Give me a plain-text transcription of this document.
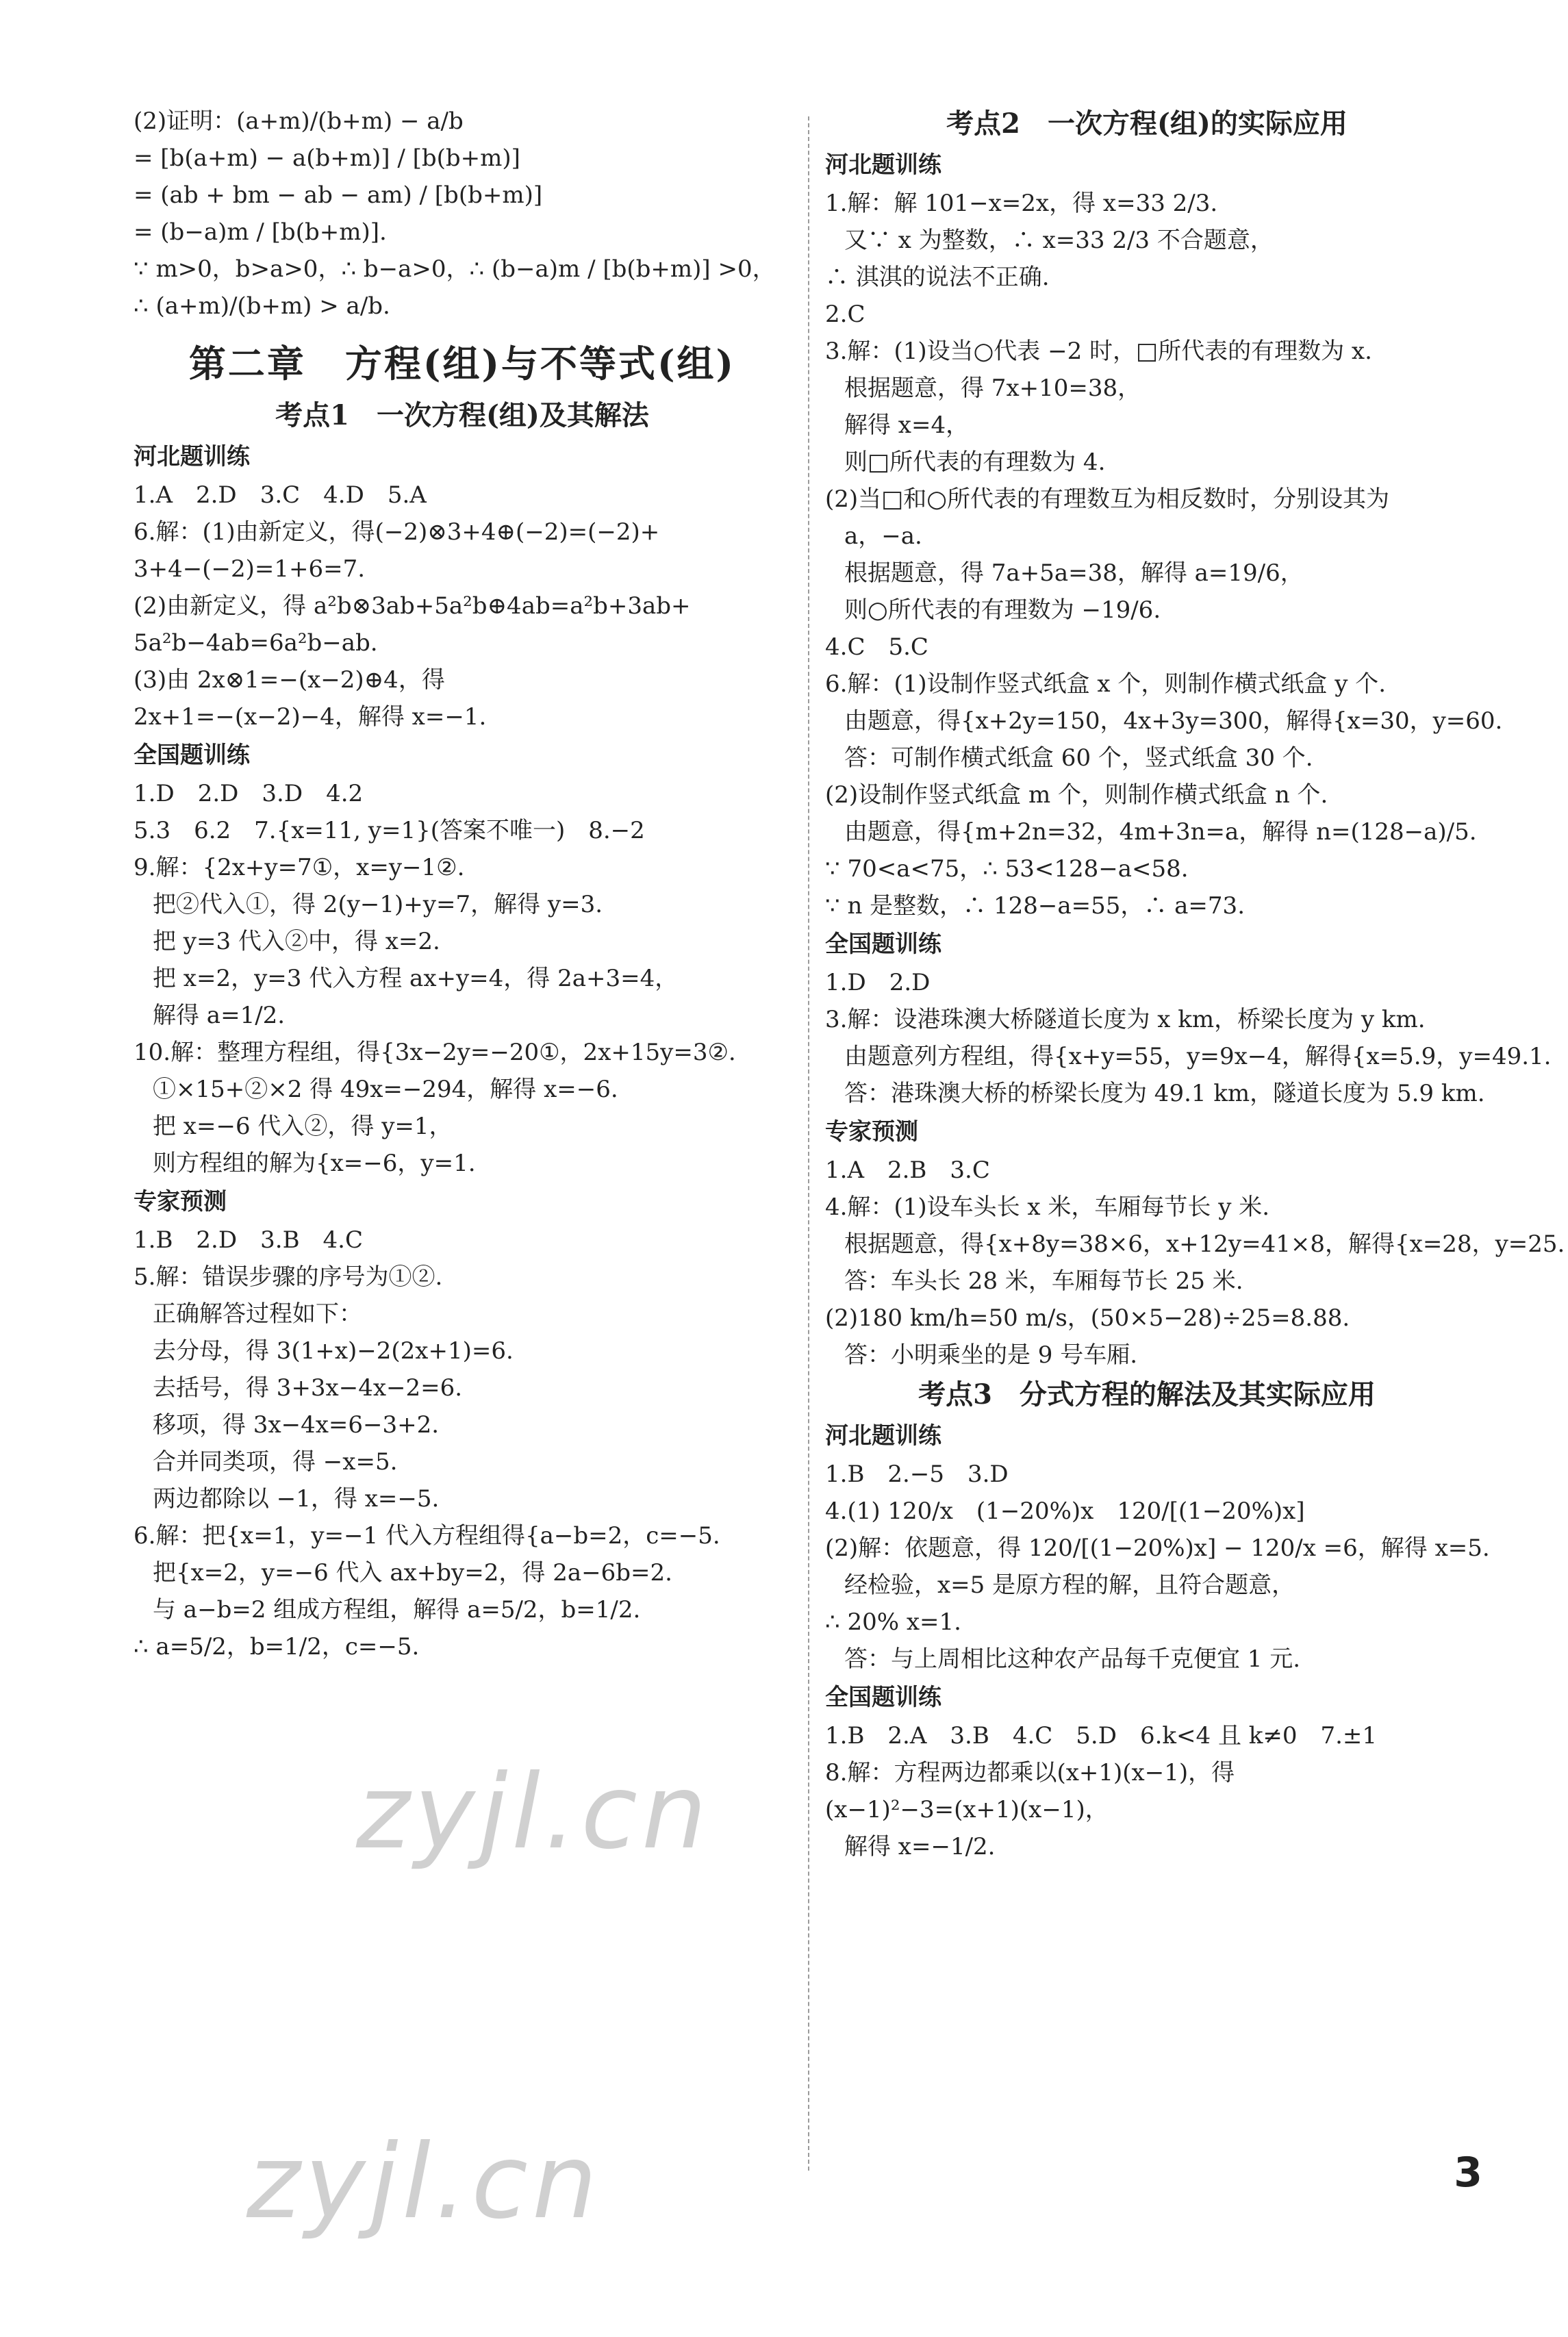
(2)证明：(a+m)/(b+m) − a/b
= [b(a+m) − a(b+m)] / [b(b+m)]
= (ab + bm − ab − am) / [b(b+m)]
= (b−a)m / [b(b+m)].
∵ m>0，b>a>0，∴ b−a>0，∴ (b−a)m / [b(b+m)] >0，
∴ (a+m)/(b+m) > a/b.
第二章　方程(组)与不等式(组)
考点1　一次方程(组)及其解法
河北题训练
1.A　2.D　3.C　4.D　5.A
6.解：(1)由新定义，得(−2)⊗3+4⊕(−2)=(−2)+
3+4−(−2)=1+6=7.
(2)由新定义，得 a²b⊗3ab+5a²b⊕4ab=a²b+3ab+
5a²b−4ab=6a²b−ab.
(3)由 2x⊗1=−(x−2)⊕4，得
2x+1=−(x−2)−4，解得 x=−1.
全国题训练
1.D　2.D　3.D　4.2
5.3　6.2　7.{x=11, y=1}(答案不唯一)　8.−2
9.解：{2x+y=7①，x=y−1②.
把②代入①，得 2(y−1)+y=7，解得 y=3.
把 y=3 代入②中，得 x=2.
把 x=2，y=3 代入方程 ax+y=4，得 2a+3=4，
解得 a=1/2.
10.解：整理方程组，得{3x−2y=−20①，2x+15y=3②.
①×15+②×2 得 49x=−294，解得 x=−6.
把 x=−6 代入②，得 y=1，
则方程组的解为{x=−6，y=1.
专家预测
1.B　2.D　3.B　4.C
5.解：错误步骤的序号为①②.
正确解答过程如下：
去分母，得 3(1+x)−2(2x+1)=6.
去括号，得 3+3x−4x−2=6.
移项，得 3x−4x=6−3+2.
合并同类项，得 −x=5.
两边都除以 −1，得 x=−5.
6.解：把{x=1，y=−1 代入方程组得{a−b=2，c=−5.
把{x=2，y=−6 代入 ax+by=2，得 2a−6b=2.
与 a−b=2 组成方程组，解得 a=5/2，b=1/2.
∴ a=5/2，b=1/2，c=−5.
考点2　一次方程(组)的实际应用
河北题训练
1.解：解 101−x=2x，得 x=33 2/3.
又∵ x 为整数，∴ x=33 2/3 不合题意，
∴ 淇淇的说法不正确.
2.C
3.解：(1)设当○代表 −2 时，□所代表的有理数为 x.
根据题意，得 7x+10=38，
解得 x=4，
则□所代表的有理数为 4.
(2)当□和○所代表的有理数互为相反数时，分别设其为
a，−a.
根据题意，得 7a+5a=38，解得 a=19/6，
则○所代表的有理数为 −19/6.
4.C　5.C
6.解：(1)设制作竖式纸盒 x 个，则制作横式纸盒 y 个.
由题意，得{x+2y=150，4x+3y=300，解得{x=30，y=60.
答：可制作横式纸盒 60 个，竖式纸盒 30 个.
(2)设制作竖式纸盒 m 个，则制作横式纸盒 n 个.
由题意，得{m+2n=32，4m+3n=a，解得 n=(128−a)/5.
∵ 70<a<75，∴ 53<128−a<58.
∵ n 是整数，∴ 128−a=55，∴ a=73.
全国题训练
1.D　2.D
3.解：设港珠澳大桥隧道长度为 x km，桥梁长度为 y km.
由题意列方程组，得{x+y=55，y=9x−4，解得{x=5.9，y=49.1.
答：港珠澳大桥的桥梁长度为 49.1 km，隧道长度为 5.9 km.
专家预测
1.A　2.B　3.C
4.解：(1)设车头长 x 米，车厢每节长 y 米.
根据题意，得{x+8y=38×6，x+12y=41×8，解得{x=28，y=25.
答：车头长 28 米，车厢每节长 25 米.
(2)180 km/h=50 m/s，(50×5−28)÷25=8.88.
答：小明乘坐的是 9 号车厢.
考点3　分式方程的解法及其实际应用
河北题训练
1.B　2.−5　3.D
4.(1) 120/x　(1−20%)x　120/[(1−20%)x]
(2)解：依题意，得 120/[(1−20%)x] − 120/x =6，解得 x=5.
经检验，x=5 是原方程的解，且符合题意，
∴ 20% x=1.
答：与上周相比这种农产品每千克便宜 1 元.
全国题训练
1.B　2.A　3.B　4.C　5.D　6.k<4 且 k≠0　7.±1
8.解：方程两边都乘以(x+1)(x−1)，得
(x−1)²−3=(x+1)(x−1)，
解得 x=−1/2.
zyjl.cn
zyjl.cn	3
